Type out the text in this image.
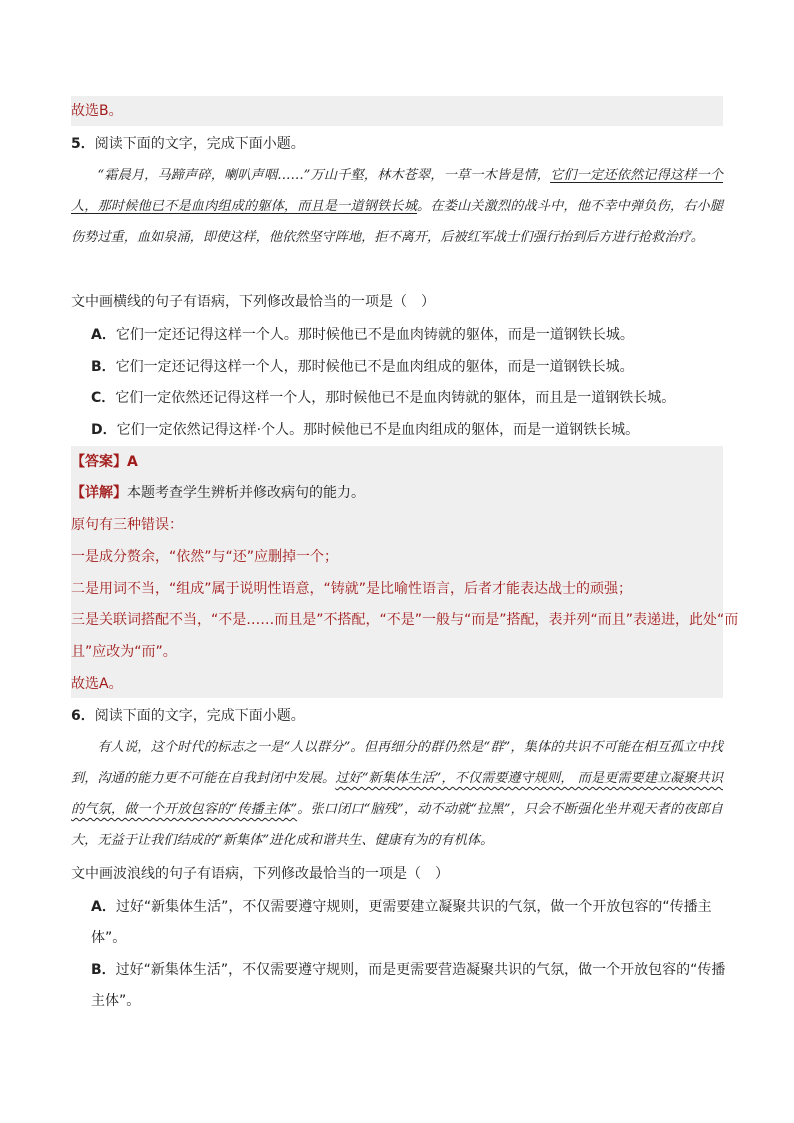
故选B。
5．阅读下面的文字，完成下面小题。
“霜晨月，马蹄声碎，喇叭声咽……”万山千壑，林木苍翠，一草一木皆是情，它们一定还依然记得这样一个人，那时候他已不是血肉组成的躯体，而且是一道钢铁长城。在娄山关激烈的战斗中，他不幸中弹负伤，右小腿伤势过重，血如泉涌，即使这样，他依然坚守阵地，拒不离开，后被红军战士们强行抬到后方进行抢救治疗。
文中画横线的句子有语病，下列修改最恰当的一项是（　）
A．它们一定还记得这样一个人。那时候他已不是血肉铸就的躯体，而是一道钢铁长城。
B．它们一定还记得这样一个人，那时候他已不是血肉组成的躯体，而是一道钢铁长城。
C．它们一定依然还记得这样一个人，那时候他已不是血肉铸就的躯体，而且是一道钢铁长城。
D．它们一定依然记得这样·个人。那时候他已不是血肉组成的躯体，而是一道钢铁长城。
【答案】A
【详解】本题考查学生辨析并修改病句的能力。
原句有三种错误：
一是成分赘余，“依然”与“还”应删掉一个；
二是用词不当，“组成”属于说明性语意，“铸就”是比喻性语言，后者才能表达战士的顽强；
三是关联词搭配不当，“不是……而且是”不搭配，“不是”一般与“而是”搭配，表并列“而且”表递进，此处“而
且”应改为“而”。
故选A。
6．阅读下面的文字，完成下面小题。
有人说，这个时代的标志之一是“人以群分”。但再细分的群仍然是“群”，集体的共识不可能在相互孤立中找到，沟通的能力更不可能在自我封闭中发展。过好“新集体生活”，不仅需要遵守规则， 而是更需要建立凝聚共识的气氛，做一个开放包容的“传播主体”。张口闭口“脑残”，动不动就“拉黑”，只会不断强化坐井观天者的夜郎自大，无益于让我们结成的“新集体”进化成和谐共生、健康有为的有机体。
文中画波浪线的句子有语病，下列修改最恰当的一项是（　）
A．过好“新集体生活”，不仅需要遵守规则，更需要建立凝聚共识的气氛，做一个开放包容的“传播主
体”。
B．过好“新集体生活”，不仅需要遵守规则，而是更需要营造凝聚共识的气氛，做一个开放包容的“传播
主体”。
